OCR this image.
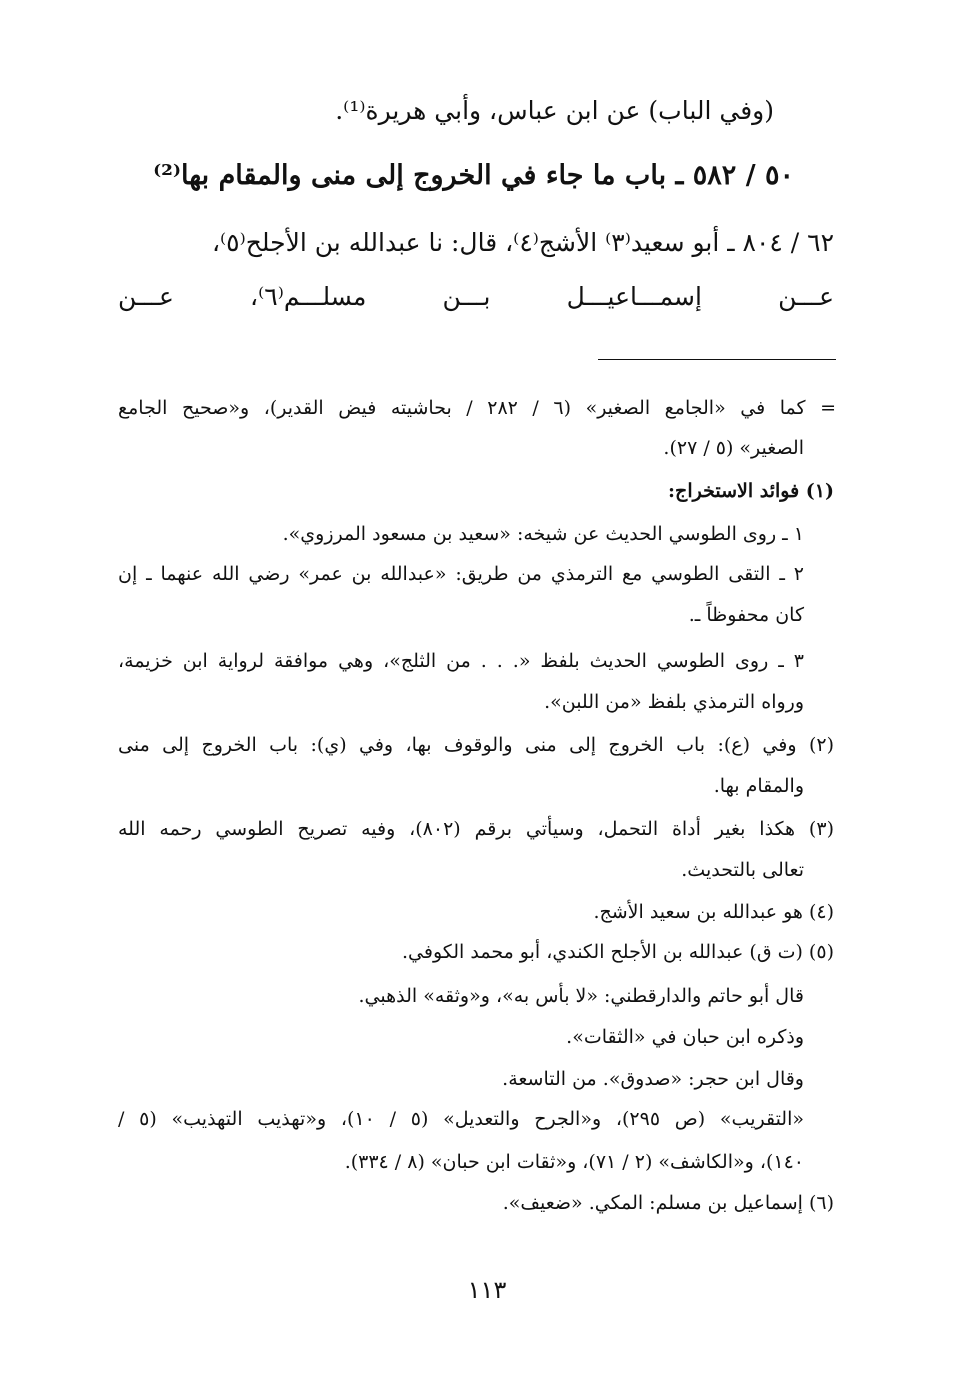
(وفي الباب) عن ابن عباس، وأبي هريرة⁽¹⁾.
٥٠ / ٥٨٢ ـ باب ما جاء في الخروج إلى منى والمقام بها⁽²⁾
٦٢ / ٨٠٤ ـ أبو سعيد⁽٣⁾ الأشج⁽٤⁾، قال: نا عبدالله بن الأجلح⁽٥⁾،
عـــن إسمـــاعيـــل بـــن مسلـــم⁽٦⁾، عـــن
= كما في «الجامع الصغير» (٦ / ٢٨٢ / بحاشيته فيض القدير)، و«صحيح الجامع
الصغير» (٥ / ٢٧).
(١) فوائد الاستخراج:
١ ـ روى الطوسي الحديث عن شيخه: «سعيد بن مسعود المرزوي».
٢ ـ التقى الطوسي مع الترمذي من طريق: «عبدالله بن عمر» رضي الله عنهما ـ إن
كان محفوظاً ـ.
٣ ـ روى الطوسي الحديث بلفظ «. . . من الثلج»، وهي موافقة لرواية ابن خزيمة،
ورواه الترمذي بلفظ «من اللبن».
(٢) وفي (ع): باب الخروج إلى منى والوقوف بها، وفي (ي): باب الخروج إلى منى
والمقام بها.
(٣) هكذا بغير أداة التحمل، وسيأتي برقم (٨٠٢)، وفيه تصريح الطوسي رحمه الله
تعالى بالتحديث.
(٤) هو عبدالله بن سعيد الأشج.
(٥) (ت ق) عبدالله بن الأجلح الكندي، أبو محمد الكوفي.
قال أبو حاتم والدارقطني: «لا بأس به»، و«وثقه» الذهبي.
وذكره ابن حبان في «الثقات».
وقال ابن حجر: «صدوق». من التاسعة.
«التقريب» (ص ٢٩٥)، و«الجرح والتعديل» (٥ / ١٠)، و«تهذيب التهذيب» (٥ /
١٤٠)، و«الكاشف» (٢ / ٧١)، و«ثقات ابن حبان» (٨ / ٣٣٤).
(٦) إسماعيل بن مسلم: المكي. «ضعيف».
١١٣
